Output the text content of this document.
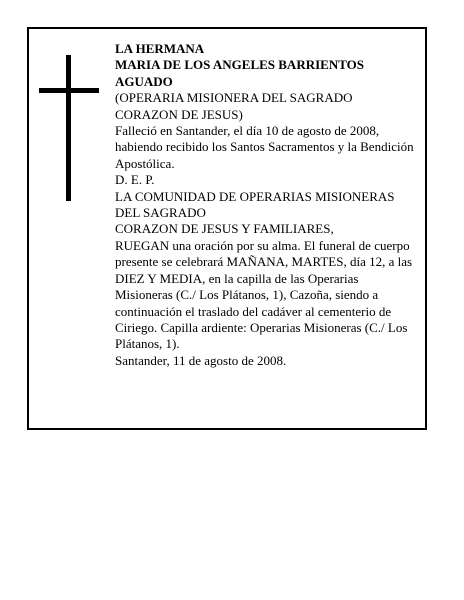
LA HERMANA

MARIA DE LOS ANGELES BARRIENTOS AGUADO

(OPERARIA MISIONERA DEL SAGRADO CORAZON DE JESUS)

Falleció en Santander, el día 10 de agosto de 2008, habiendo recibido los Santos Sacramentos y la Bendición Apostólica.

D. E. P.

LA COMUNIDAD DE OPERARIAS MISIONERAS DEL SAGRADO

CORAZON DE JESUS Y FAMILIARES,

RUEGAN una oración por su alma. El funeral de cuerpo presente se celebrará MAÑANA, MARTES, día 12, a las DIEZ Y MEDIA, en la capilla de las Operarias Misioneras (C./ Los Plátanos, 1), Cazoña, siendo a continuación el traslado del cadáver al cementerio de Ciriego. Capilla ardiente: Operarias Misioneras (C./ Los Plátanos, 1).

Santander, 11 de agosto de 2008.
